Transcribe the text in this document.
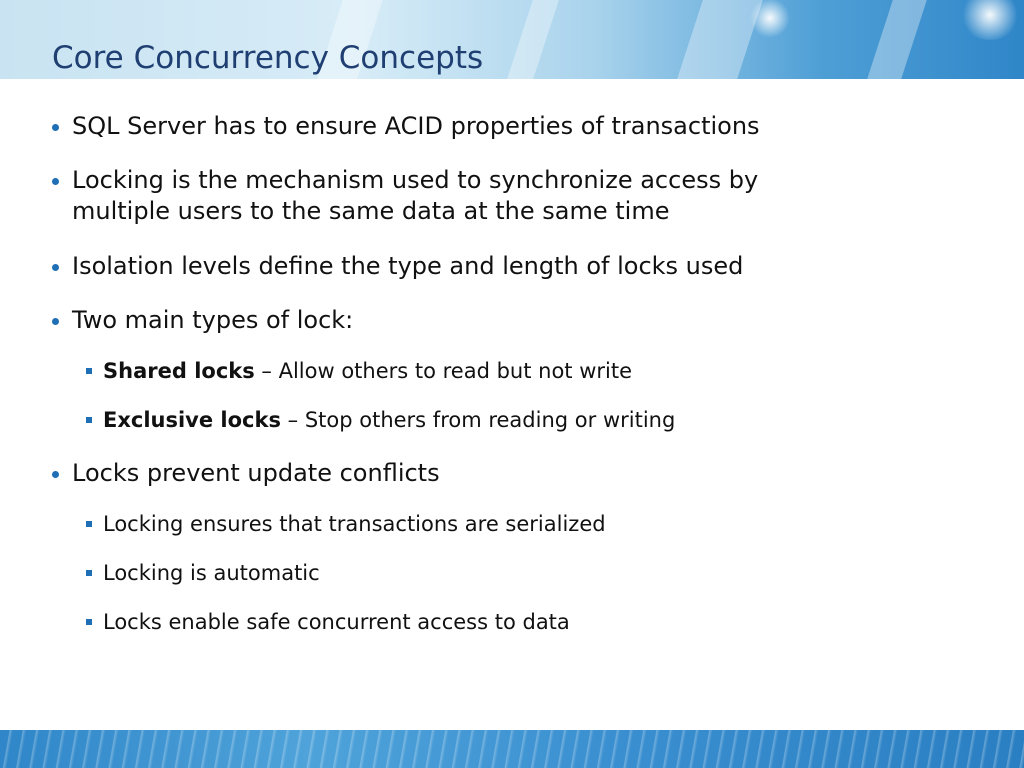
Core Concurrency Concepts
SQL Server has to ensure ACID properties of transactions
Locking is the mechanism used to synchronize access by
multiple users to the same data at the same time
Isolation levels define the type and length of locks used
Two main types of lock:
Shared locks – Allow others to read but not write
Exclusive locks – Stop others from reading or writing
Locks prevent update conflicts
Locking ensures that transactions are serialized
Locking is automatic
Locks enable safe concurrent access to data
